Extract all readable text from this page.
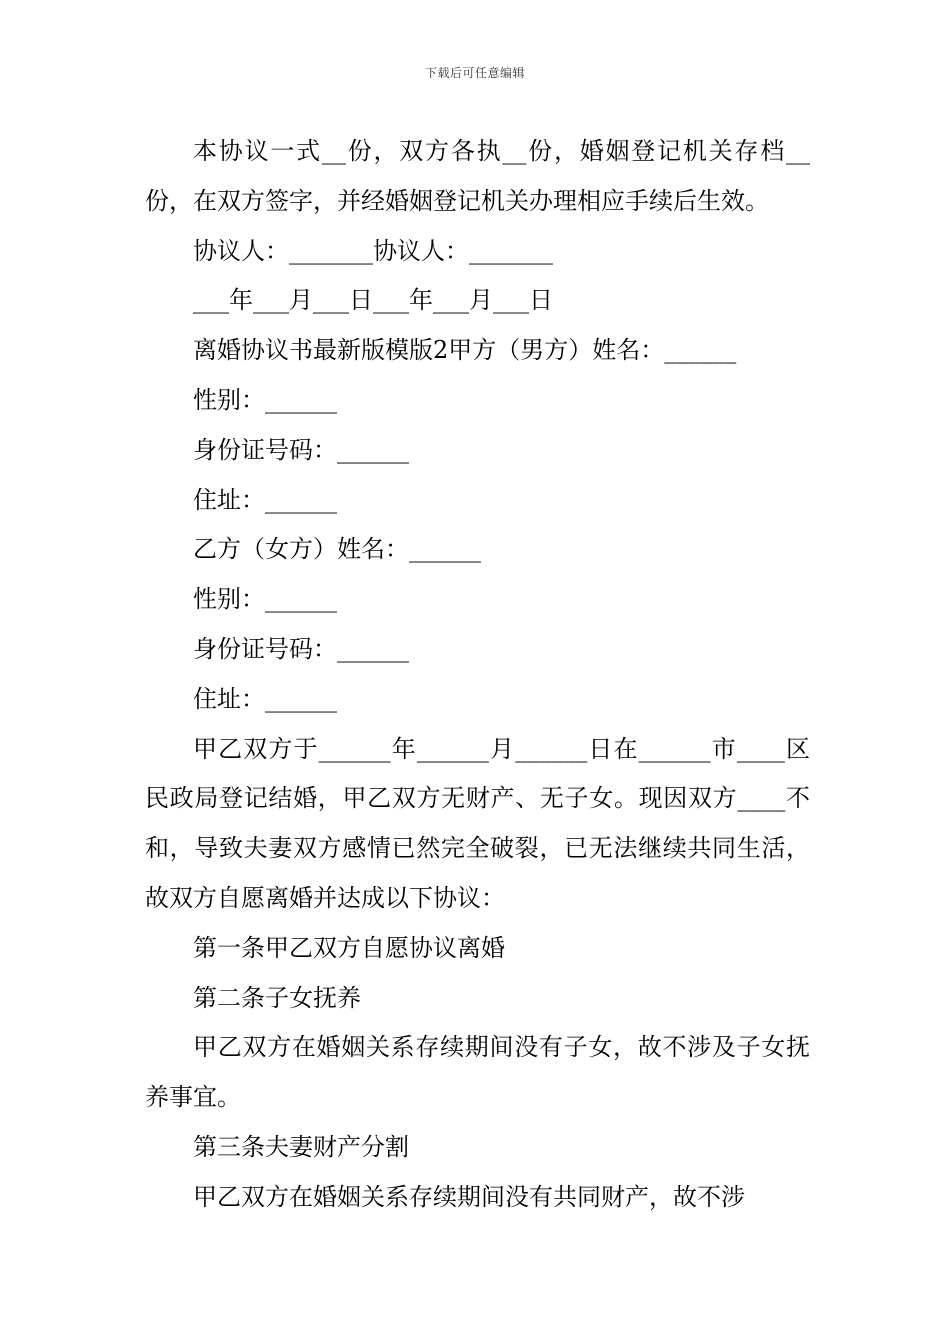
下载后可任意编辑

本协议一式__份，双方各执__份，婚姻登记机关存档__份，在双方签字，并经婚姻登记机关办理相应手续后生效。

协议人：_______协议人：_______

___年___月___日___年___月___日

离婚协议书最新版模版2甲方（男方）姓名：______

性别：______

身份证号码：______

住址：______

乙方（女方）姓名：______

性别：______

身份证号码：______

住址：______

甲乙双方于______年______月______日在______市____区民政局登记结婚，甲乙双方无财产、无子女。现因双方____不和，导致夫妻双方感情已然完全破裂，已无法继续共同生活，故双方自愿离婚并达成以下协议：

第一条甲乙双方自愿协议离婚

第二条子女抚养

甲乙双方在婚姻关系存续期间没有子女，故不涉及子女抚养事宜。

第三条夫妻财产分割

甲乙双方在婚姻关系存续期间没有共同财产，故不涉
